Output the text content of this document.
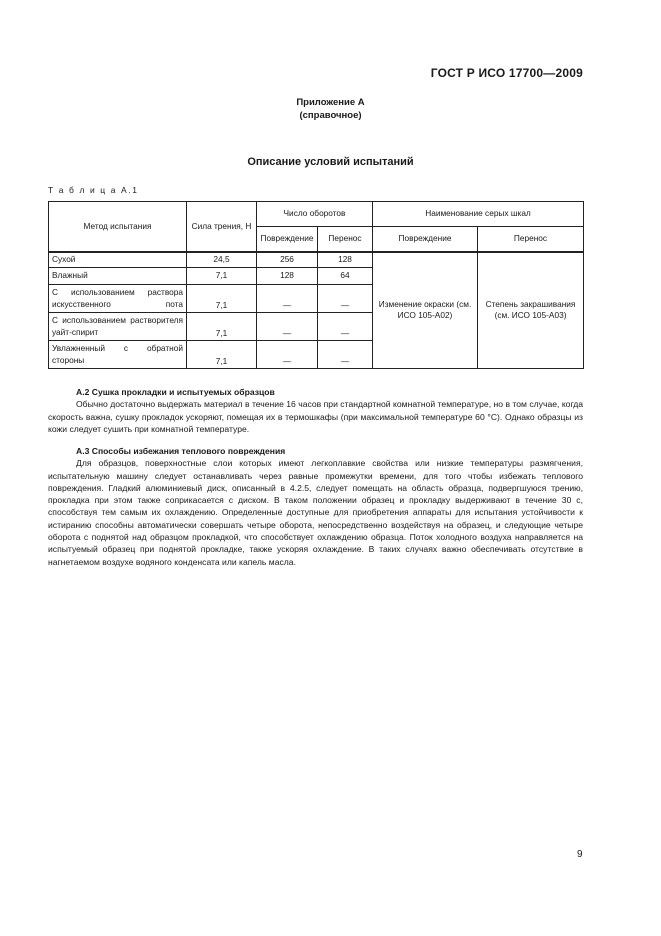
ГОСТ Р ИСО 17700—2009
Приложение А
(справочное)
Описание условий испытаний
Т а б л и ц а А.1
Метод испытания	Сила трения, Н	Число оборотов		Наименование серых шкал	
		Повреждение	Перенос	Повреждение	Перенос
Сухой	24,5	256	128	Изменение окраски (см. ИСО 105-А02)	Степень закрашивания (см. ИСО 105-А03)
Влажный	7,1	128	64		
С использованием раствора искусственного пота	7,1	—	—		
С использованием растворителя уайт-спирит	7,1	—	—		
Увлажненный с обратной стороны	7,1	—	—		
А.2 Сушка прокладки и испытуемых образцов

Обычно достаточно выдержать материал в течение 16 часов при стандартной комнатной температуре, но в том случае, когда скорость важна, сушку прокладок ускоряют, помещая их в термошкафы (при максимальной температуре 60 °С). Однако образцы из кожи следует сушить при комнатной температуре.

А.3 Способы избежания теплового повреждения

Для образцов, поверхностные слои которых имеют легкоплавкие свойства или низкие температуры размягчения, испытательную машину следует останавливать через равные промежутки времени, для того чтобы избежать теплового повреждения. Гладкий алюминиевый диск, описанный в 4.2.5, следует помещать на область образца, подвергшуюся трению, прокладка при этом также соприкасается с диском. В таком положении образец и прокладку выдерживают в течение 30 с, способствуя тем самым их охлаждению. Определенные доступные для приобретения аппараты для испытания устойчивости к истиранию способны автоматически совершать четыре оборота, непосредственно воздействуя на образец, и следующие четыре оборота с поднятой над образцом прокладкой, что способствует охлаждению образца. Поток холодного воздуха направляется на испытуемый образец при поднятой прокладке, также ускоряя охлаждение. В таких случаях важно обеспечивать отсутствие в нагнетаемом воздухе водяного конденсата или капель масла.

9
